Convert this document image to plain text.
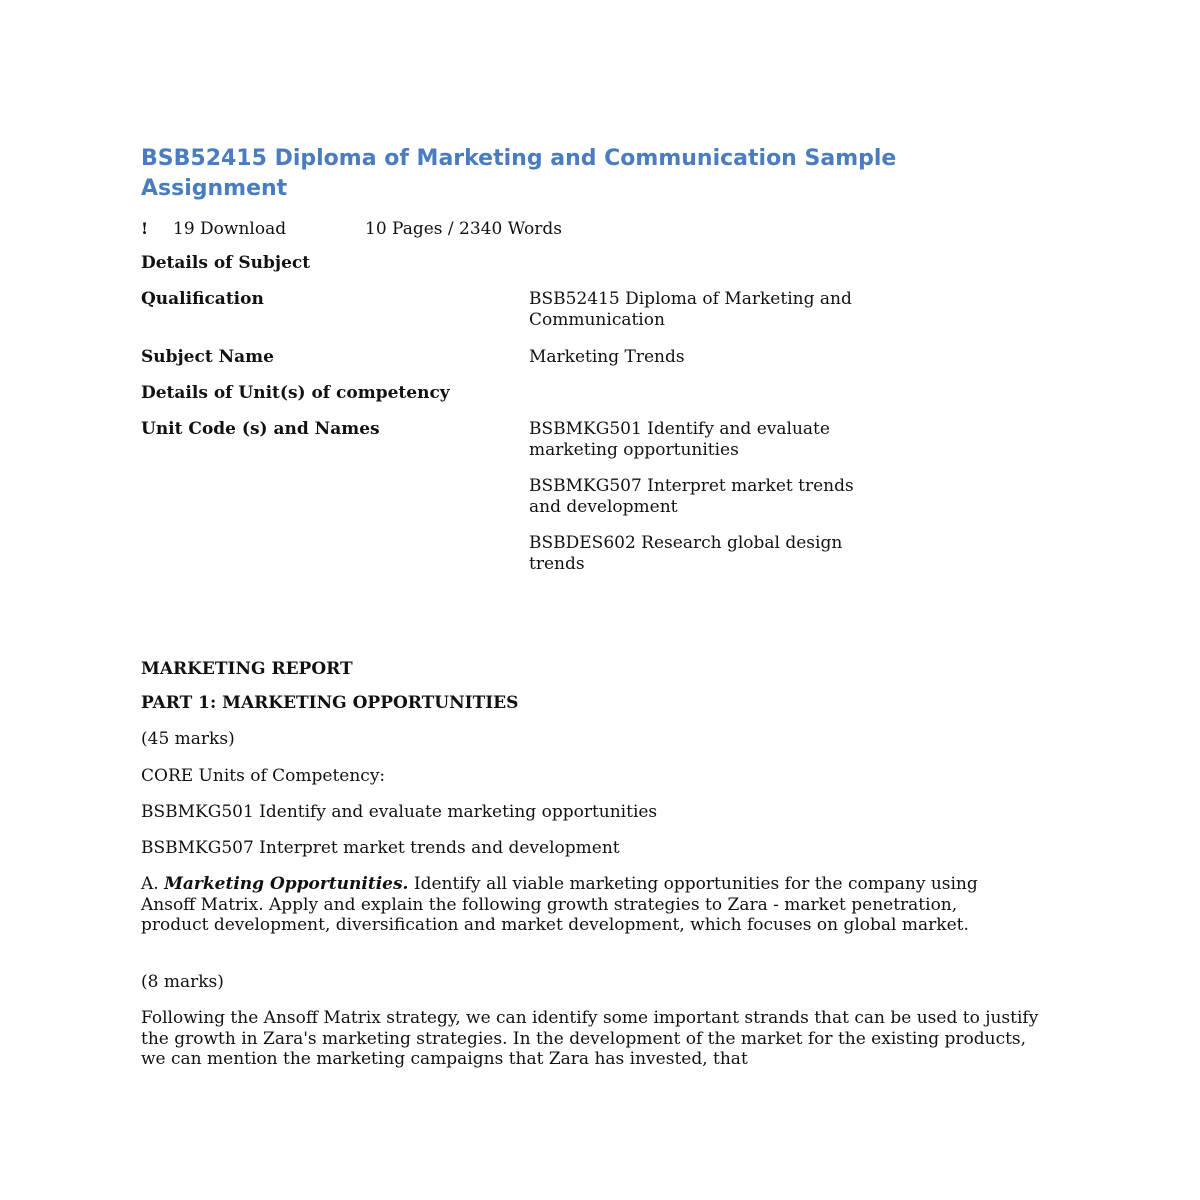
BSB52415 Diploma of Marketing and Communication Sample Assignment
! 19 Download	10 Pages / 2340 Words

Details of Subject

Qualification	BSB52415 Diploma of Marketing and Communication

Subject Name	Marketing Trends

Details of Unit(s) of competency

Unit Code (s) and Names	BSBMKG501 Identify and evaluate marketing opportunities

BSBMKG507 Interpret market trends and development

BSBDES602 Research global design trends

MARKETING REPORT

PART 1: MARKETING OPPORTUNITIES

(45 marks)

CORE Units of Competency:

BSBMKG501 Identify and evaluate marketing opportunities

BSBMKG507 Interpret market trends and development

A. Marketing Opportunities. Identify all viable marketing opportunities for the company using Ansoff Matrix. Apply and explain the following growth strategies to Zara - market penetration, product development, diversification and market development, which focuses on global market.

(8 marks)

Following the Ansoff Matrix strategy, we can identify some important strands that can be used to justify the growth in Zara's marketing strategies. In the development of the market for the existing products, we can mention the marketing campaigns that Zara has invested, that
